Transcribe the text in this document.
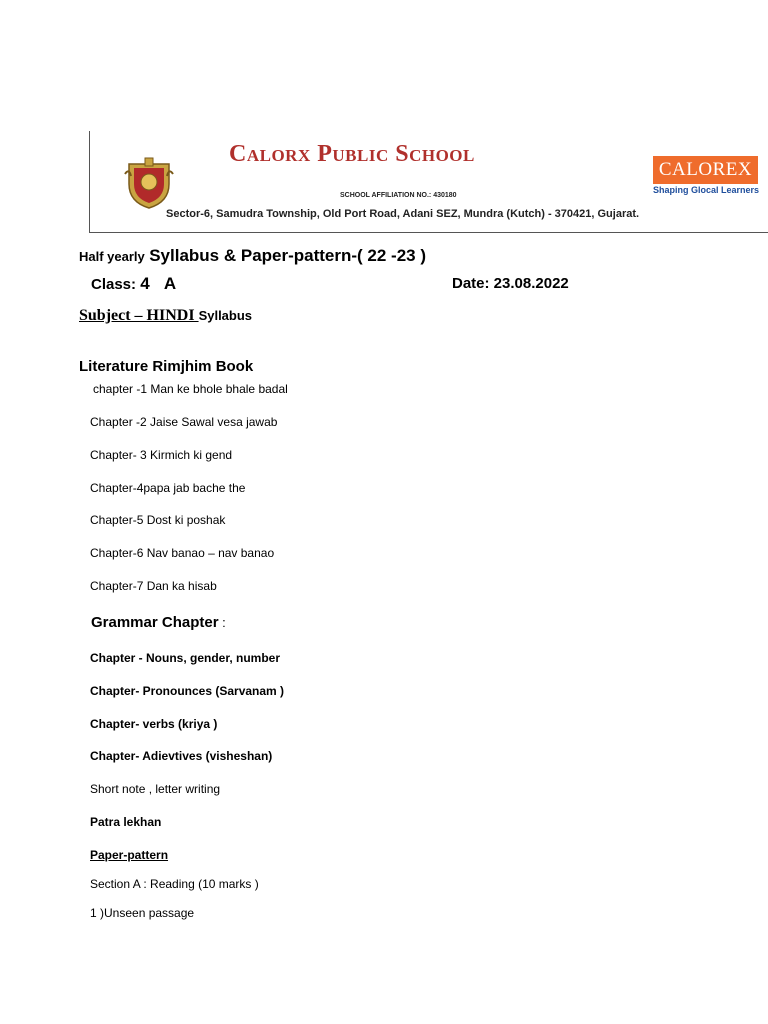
Calorx Public School
SCHOOL AFFILIATION NO.: 430180
Sector-6, Samudra Township, Old Port Road, Adani SEZ, Mundra (Kutch) - 370421, Gujarat.
CALOREX
Shaping Glocal Learners
Half yearly Syllabus & Paper-pattern-( 22 -23 )
Class: 4 A	Date: 23.08.2022
Subject – HINDI Syllabus
Literature Rimjhim Book
chapter -1 Man ke bhole bhale badal
Chapter -2 Jaise Sawal vesa jawab
Chapter- 3 Kirmich ki gend
Chapter-4papa jab bache the
Chapter-5 Dost ki poshak
Chapter-6 Nav banao – nav banao
Chapter-7 Dan ka hisab
Grammar Chapter :
Chapter - Nouns, gender, number
Chapter- Pronounces (Sarvanam )
Chapter- verbs (kriya )
Chapter- Adievtives (visheshan)
Short note , letter writing
Patra lekhan
Paper-pattern
Section A : Reading (10 marks )
1 )Unseen passage
